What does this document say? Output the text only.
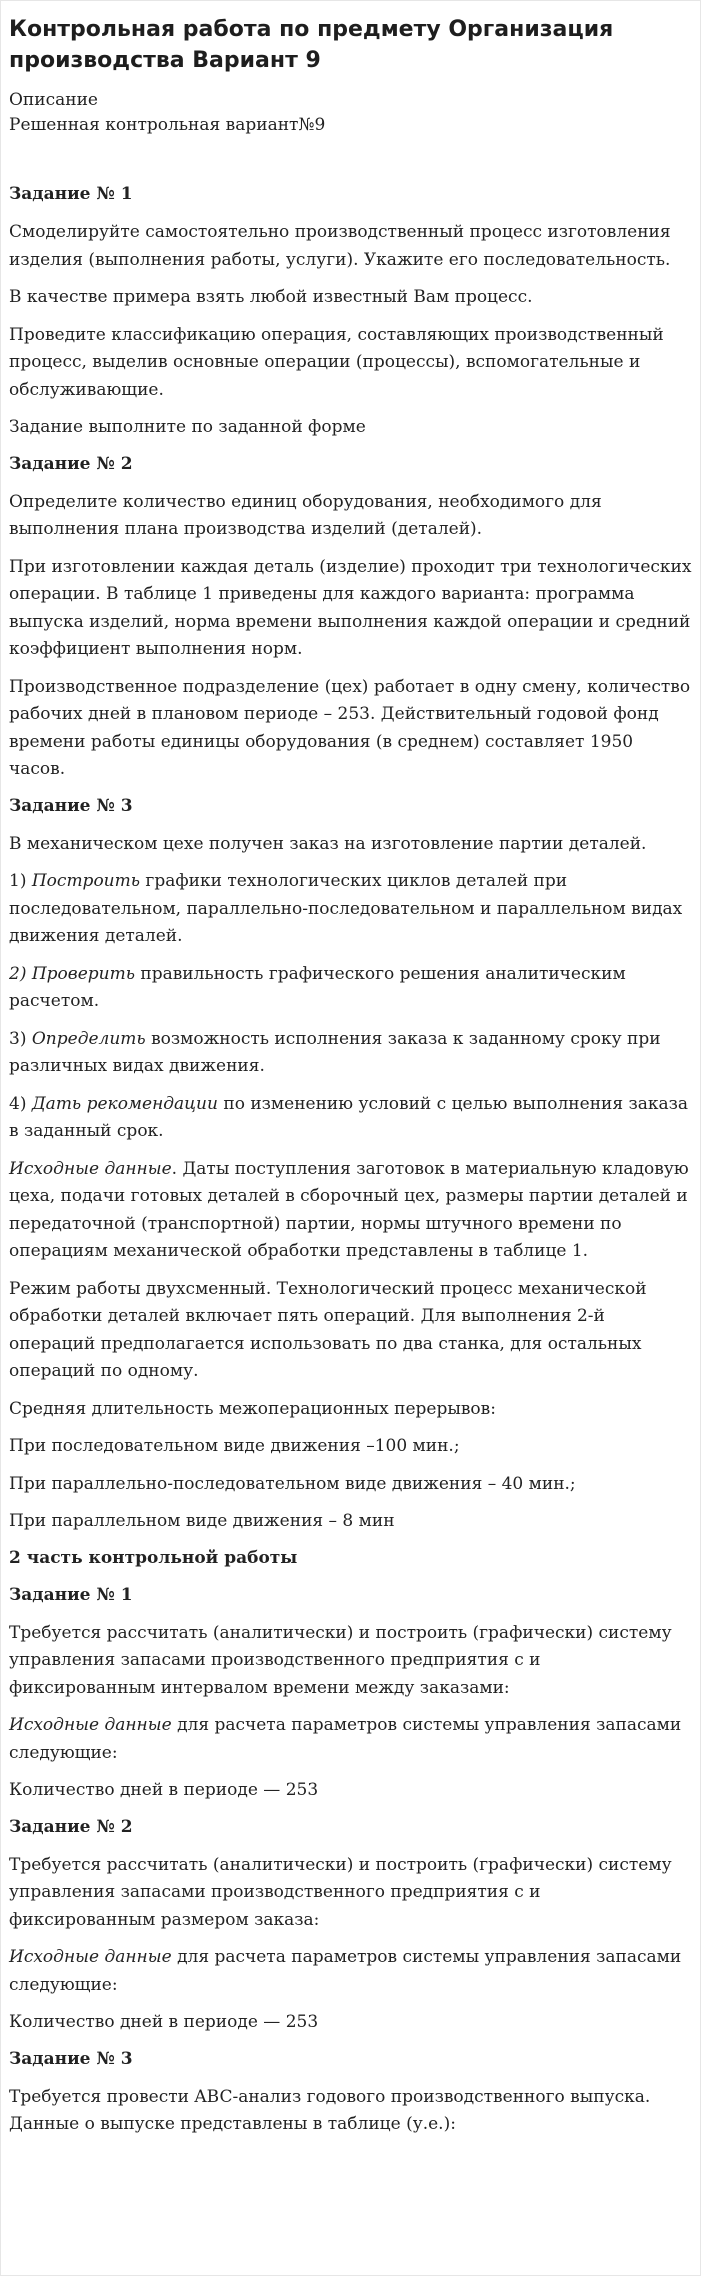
Контрольная работа по предмету Организация производства Вариант 9
Описание
Решенная контрольная вариант№9
Задание № 1

Смоделируйте самостоятельно производственный процесс изготовления изделия (выполнения работы, услуги). Укажите его последовательность.

В качестве примера взять любой известный Вам процесс.

Проведите классификацию операция, составляющих производственный процесс, выделив основные операции (процессы), вспомогательные и обслуживающие.

Задание выполните по заданной форме

Задание № 2

Определите количество единиц оборудования, необходимого для выполнения плана производства изделий (деталей).

При изготовлении каждая деталь (изделие) проходит три технологических операции. В таблице 1 приведены для каждого варианта: программа выпуска изделий, норма времени выполнения каждой операции и средний коэффициент выполнения норм.

Производственное подразделение (цех) работает в одну смену, количество рабочих дней в плановом периоде – 253. Действительный годовой фонд времени работы единицы оборудования (в среднем) составляет 1950 часов.

Задание № 3

В механическом цехе получен заказ на изготовление партии деталей.

1) Построить графики технологических циклов деталей при последовательном, параллельно-последовательном и параллельном видах движения деталей.

2) Проверить правильность графического решения аналитическим расчетом.

3) Определить возможность исполнения заказа к заданному сроку при различных видах движения.

4) Дать рекомендации по изменению условий с целью выполнения заказа в заданный срок.

Исходные данные. Даты поступления заготовок в материальную кладовую цеха, подачи готовых деталей в сборочный цех, размеры партии деталей и передаточной (транспортной) партии, нормы штучного времени по операциям механической обработки представлены в таблице 1.

Режим работы двухсменный. Технологический процесс механической обработки деталей включает пять операций. Для выполнения 2-й операций предполагается использовать по два станка, для остальных операций по одному.

Средняя длительность межоперационных перерывов:

При последовательном виде движения –100 мин.;

При параллельно-последовательном виде движения – 40 мин.;

При параллельном виде движения – 8 мин

2 часть контрольной работы
Задание № 1

Требуется рассчитать (аналитически) и построить (графически) систему управления запасами производственного предприятия с и фиксированным интервалом времени между заказами:

Исходные данные для расчета параметров системы управления запасами следующие:

Количество дней в периоде — 253

Задание № 2

Требуется рассчитать (аналитически) и построить (графически) систему управления запасами производственного предприятия с и фиксированным размером заказа:

Исходные данные для расчета параметров системы управления запасами следующие:

Количество дней в периоде — 253

Задание № 3

Требуется провести ABC-анализ годового производственного выпуска. Данные о выпуске представлены в таблице (у.е.):
